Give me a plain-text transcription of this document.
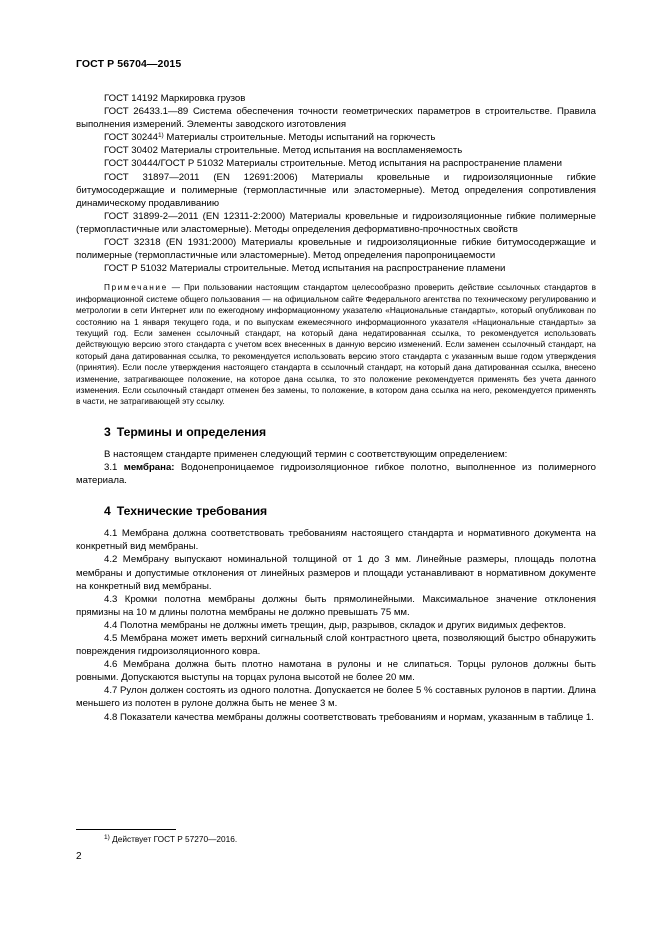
ГОСТ Р 56704—2015

ГОСТ 14192 Маркировка грузов

ГОСТ 26433.1—89 Система обеспечения точности геометрических параметров в строительстве. Правила выполнения измерений. Элементы заводского изготовления

ГОСТ 30244$^{1)}$ Материалы строительные. Методы испытаний на горючесть

ГОСТ 30402 Материалы строительные. Метод испытания на воспламеняемость

ГОСТ 30444/ГОСТ Р 51032 Материалы строительные. Метод испытания на распространение пламени

ГОСТ 31897—2011 (EN 12691:2006) Материалы кровельные и гидроизоляционные гибкие битумосодержащие и полимерные (термопластичные или эластомерные). Метод определения сопротивления динамическому продавливанию

ГОСТ 31899-2—2011 (EN 12311-2:2000) Материалы кровельные и гидроизоляционные гибкие полимерные (термопластичные или эластомерные). Методы определения деформативно-прочностных свойств

ГОСТ 32318 (EN 1931:2000) Материалы кровельные и гидроизоляционные гибкие битумосодержащие и полимерные (термопластичные или эластомерные). Метод определения паропроницаемости

ГОСТ Р 51032 Материалы строительные. Метод испытания на распространение пламени

Примечание — При пользовании настоящим стандартом целесообразно проверить действие ссылочных стандартов в информационной системе общего пользования — на официальном сайте Федерального агентства по техническому регулированию и метрологии в сети Интернет или по ежегодному информационному указателю «Национальные стандарты», который опубликован по состоянию на 1 января текущего года, и по выпускам ежемесячного информационного указателя «Национальные стандарты» за текущий год. Если заменен ссылочный стандарт, на который дана недатированная ссылка, то рекомендуется использовать действующую версию этого стандарта с учетом всех внесенных в данную версию изменений. Если заменен ссылочный стандарт, на который дана датированная ссылка, то рекомендуется использовать версию этого стандарта с указанным выше годом утверждения (принятия). Если после утверждения настоящего стандарта в ссылочный стандарт, на который дана датированная ссылка, внесено изменение, затрагивающее положение, на которое дана ссылка, то это положение рекомендуется применять без учета данного изменения. Если ссылочный стандарт отменен без замены, то положение, в котором дана ссылка на него, рекомендуется применять в части, не затрагивающей эту ссылку.

3 Термины и определения

В настоящем стандарте применен следующий термин с соответствующим определением:

3.1 мембрана: Водонепроницаемое гидроизоляционное гибкое полотно, выполненное из полимерного материала.

4 Технические требования

4.1 Мембрана должна соответствовать требованиям настоящего стандарта и нормативного документа на конкретный вид мембраны.

4.2 Мембрану выпускают номинальной толщиной от 1 до 3 мм. Линейные размеры, площадь полотна мембраны и допустимые отклонения от линейных размеров и площади устанавливают в нормативном документе на конкретный вид мембраны.

4.3 Кромки полотна мембраны должны быть прямолинейными. Максимальное значение отклонения прямизны на 10 м длины полотна мембраны не должно превышать 75 мм.

4.4 Полотна мембраны не должны иметь трещин, дыр, разрывов, складок и других видимых дефектов.

4.5 Мембрана может иметь верхний сигнальный слой контрастного цвета, позволяющий быстро обнаружить повреждения гидроизоляционного ковра.

4.6 Мембрана должна быть плотно намотана в рулоны и не слипаться. Торцы рулонов должны быть ровными. Допускаются выступы на торцах рулона высотой не более 20 мм.

4.7 Рулон должен состоять из одного полотна. Допускается не более 5 % составных рулонов в партии. Длина меньшего из полотен в рулоне должна быть не менее 3 м.

4.8 Показатели качества мембраны должны соответствовать требованиям и нормам, указанным в таблице 1.

$^{1)}$ Действует ГОСТ Р 57270—2016.
2
